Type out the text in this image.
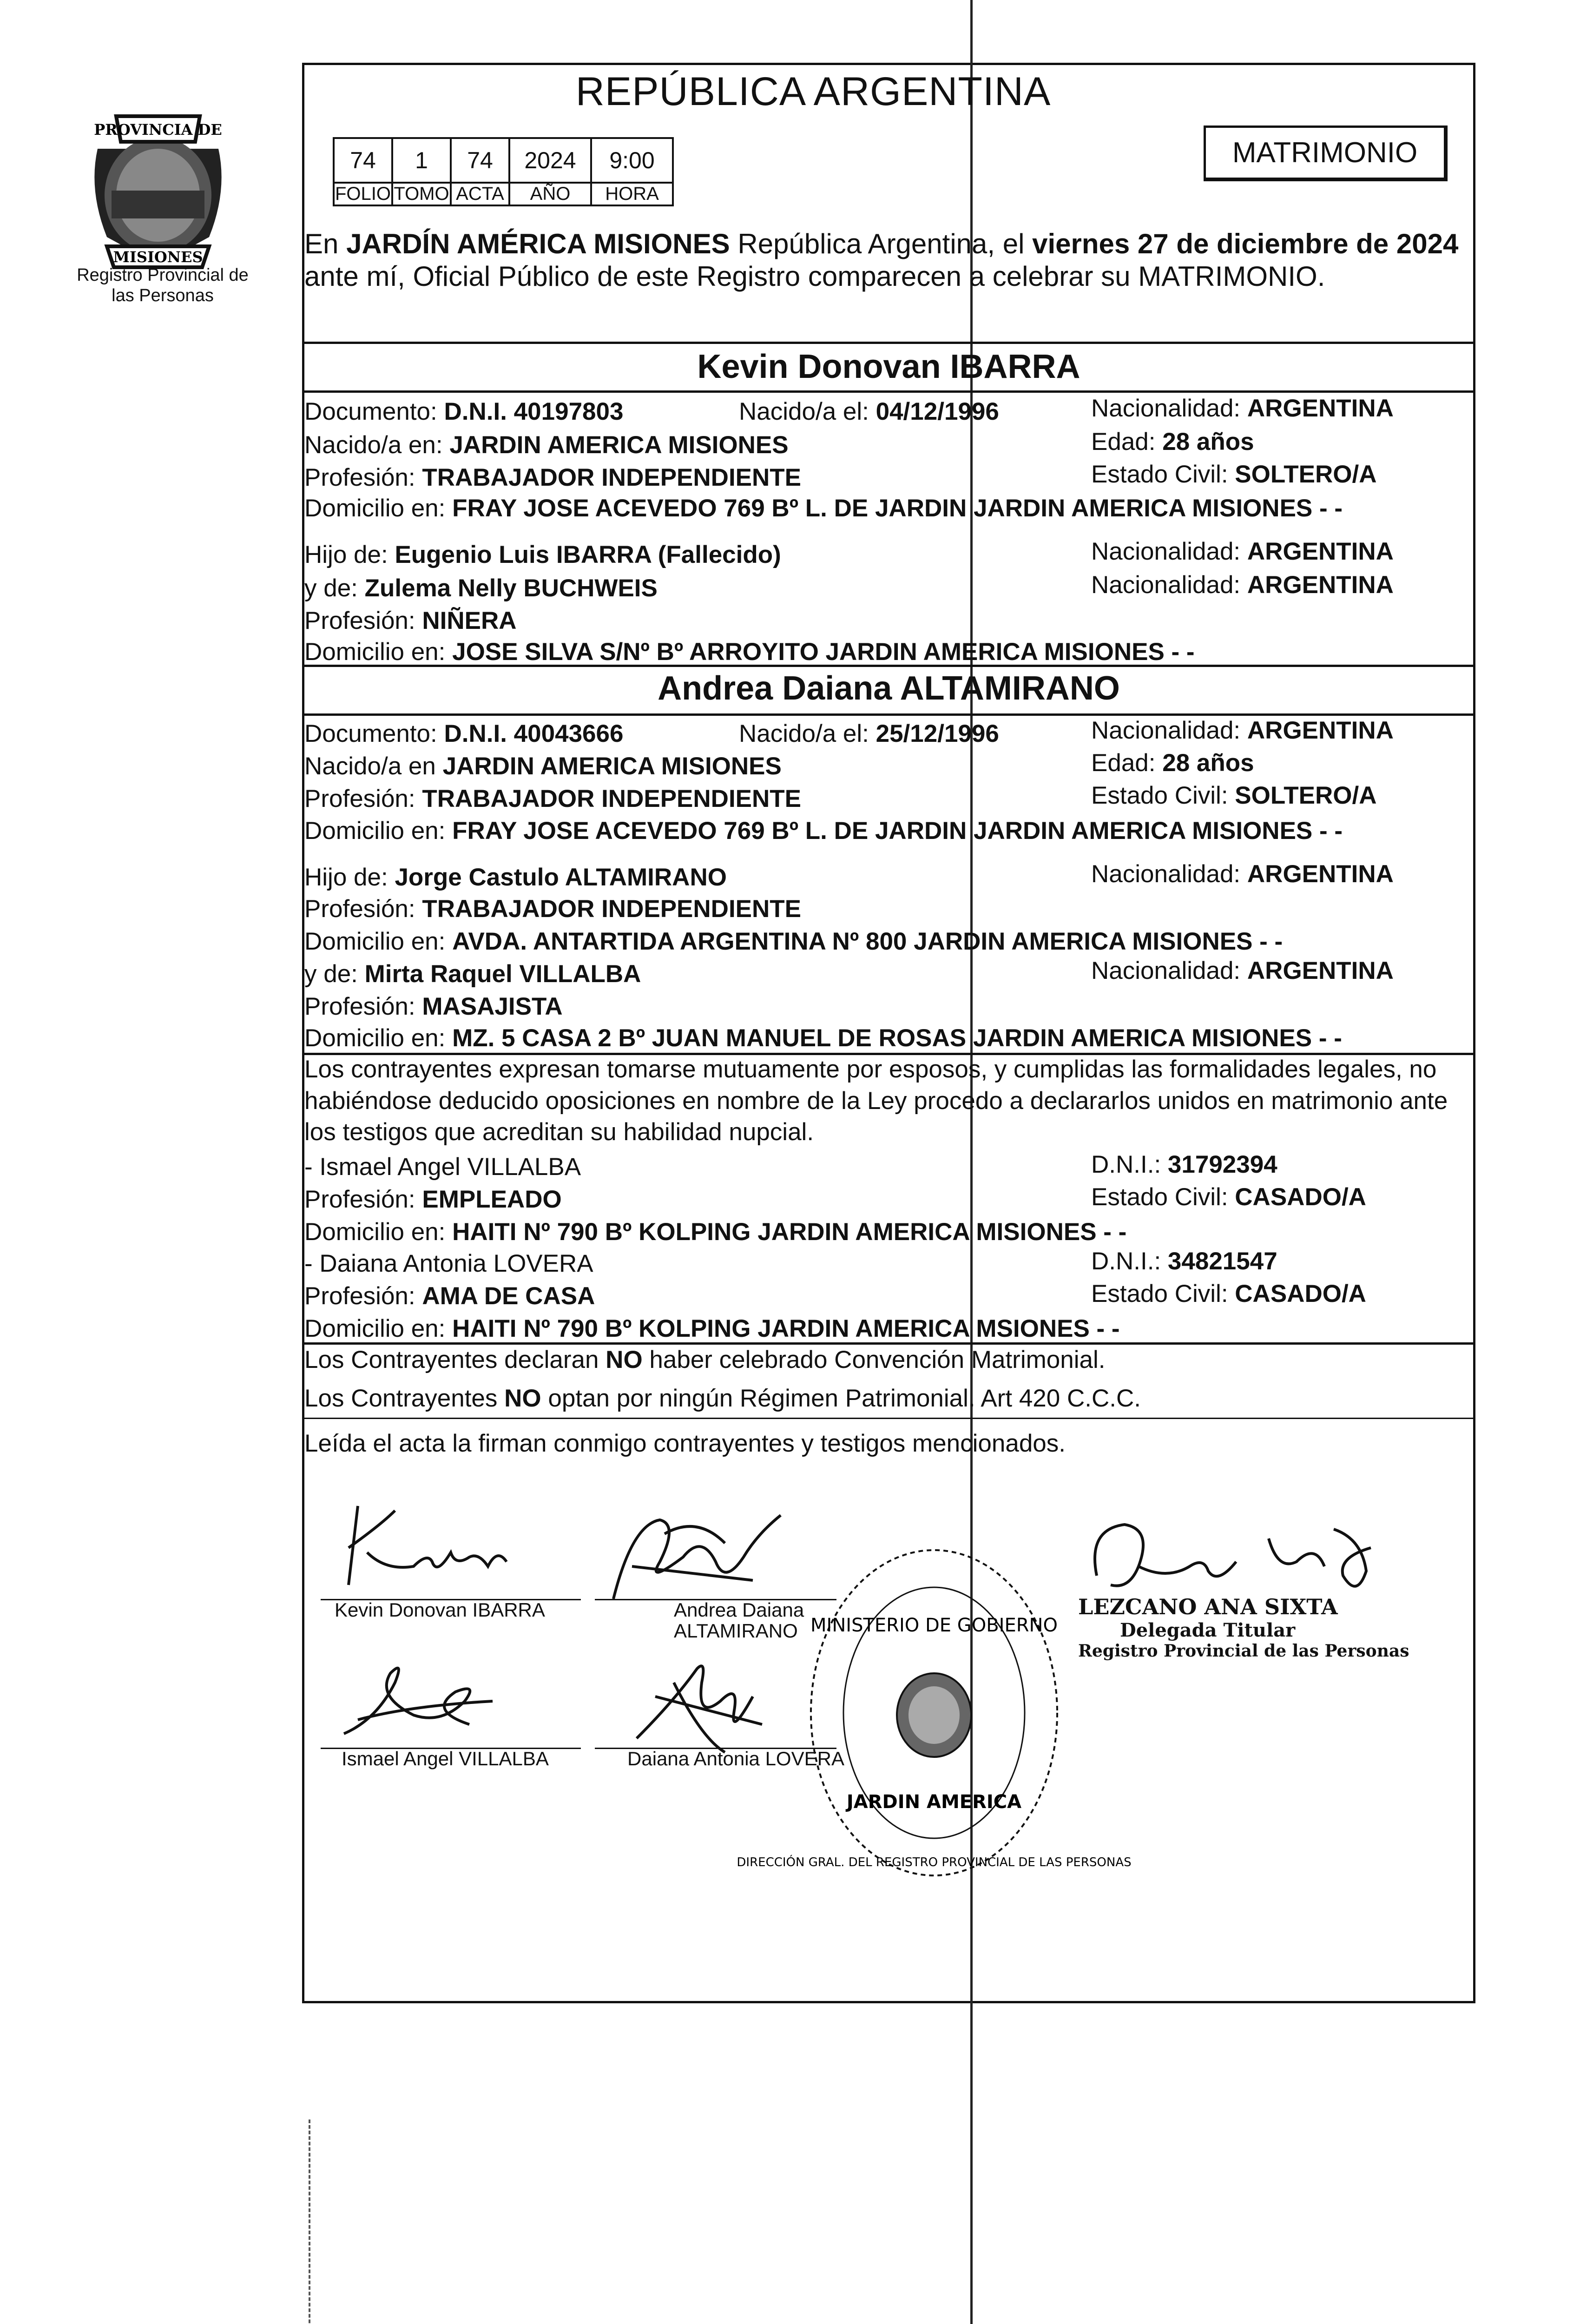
PROVINCIA DE
MISIONES
Registro Provincial de las Personas
REPÚBLICA ARGENTINA
74	1	74	2024	9:00
FOLIO	TOMO	ACTA	AÑO	HORA
MATRIMONIO
En JARDÍN AMÉRICA MISIONES República Argentina, el viernes 27 de diciembre de 2024
ante mí, Oficial Público de este Registro comparecen a celebrar su MATRIMONIO.
Kevin Donovan IBARRA
Documento: D.N.I. 40197803	Nacido/a el: 04/12/1996	Nacionalidad: ARGENTINA
Nacido/a en: JARDIN AMERICA MISIONES	Edad: 28 años
Profesión: TRABAJADOR INDEPENDIENTE	Estado Civil: SOLTERO/A
Domicilio en: FRAY JOSE ACEVEDO 769 Bº L. DE JARDIN JARDIN AMERICA MISIONES - -
Hijo de: Eugenio Luis IBARRA (Fallecido)	Nacionalidad: ARGENTINA
y de: Zulema Nelly BUCHWEIS	Nacionalidad: ARGENTINA
Profesión: NIÑERA
Domicilio en: JOSE SILVA S/Nº Bº ARROYITO JARDIN AMERICA MISIONES - -
Andrea Daiana ALTAMIRANO
Documento: D.N.I. 40043666	Nacido/a el: 25/12/1996	Nacionalidad: ARGENTINA
Nacido/a en JARDIN AMERICA MISIONES	Edad: 28 años
Profesión: TRABAJADOR INDEPENDIENTE	Estado Civil: SOLTERO/A
Domicilio en: FRAY JOSE ACEVEDO 769 Bº L. DE JARDIN JARDIN AMERICA MISIONES - -
Hijo de: Jorge Castulo ALTAMIRANO	Nacionalidad: ARGENTINA
Profesión: TRABAJADOR INDEPENDIENTE
Domicilio en: AVDA. ANTARTIDA ARGENTINA Nº 800 JARDIN AMERICA MISIONES - -
y de: Mirta Raquel VILLALBA	Nacionalidad: ARGENTINA
Profesión: MASAJISTA
Domicilio en: MZ. 5 CASA 2 Bº JUAN MANUEL DE ROSAS JARDIN AMERICA MISIONES - -
Los contrayentes expresan tomarse mutuamente por esposos, y cumplidas las formalidades legales, no
habiéndose deducido oposiciones en nombre de la Ley procedo a declararlos unidos en matrimonio ante
los testigos que acreditan su habilidad nupcial.
- Ismael Angel VILLALBA	D.N.I.: 31792394
Profesión: EMPLEADO	Estado Civil: CASADO/A
Domicilio en: HAITI Nº 790 Bº KOLPING JARDIN AMERICA MISIONES - -
- Daiana Antonia LOVERA	D.N.I.: 34821547
Profesión: AMA DE CASA	Estado Civil: CASADO/A
Domicilio en: HAITI Nº 790 Bº KOLPING JARDIN AMERICA MSIONES - -
Los Contrayentes declaran NO haber celebrado Convención Matrimonial.
Los Contrayentes NO optan por ningún Régimen Patrimonial. Art 420 C.C.C.
Leída el acta la firman conmigo contrayentes y testigos mencionados.
Kevin Donovan IBARRA	Andrea Daiana
ALTAMIRANO
Ismael Angel VILLALBA	Daiana Antonia LOVERA
MINISTERIO DE GOBIERNO
JARDIN AMERICA
DIRECCIÓN GRAL. DEL REGISTRO PROVINCIAL DE LAS PERSONAS
LEZCANO ANA SIXTA
Delegada Titular
Registro Provincial de las Personas
